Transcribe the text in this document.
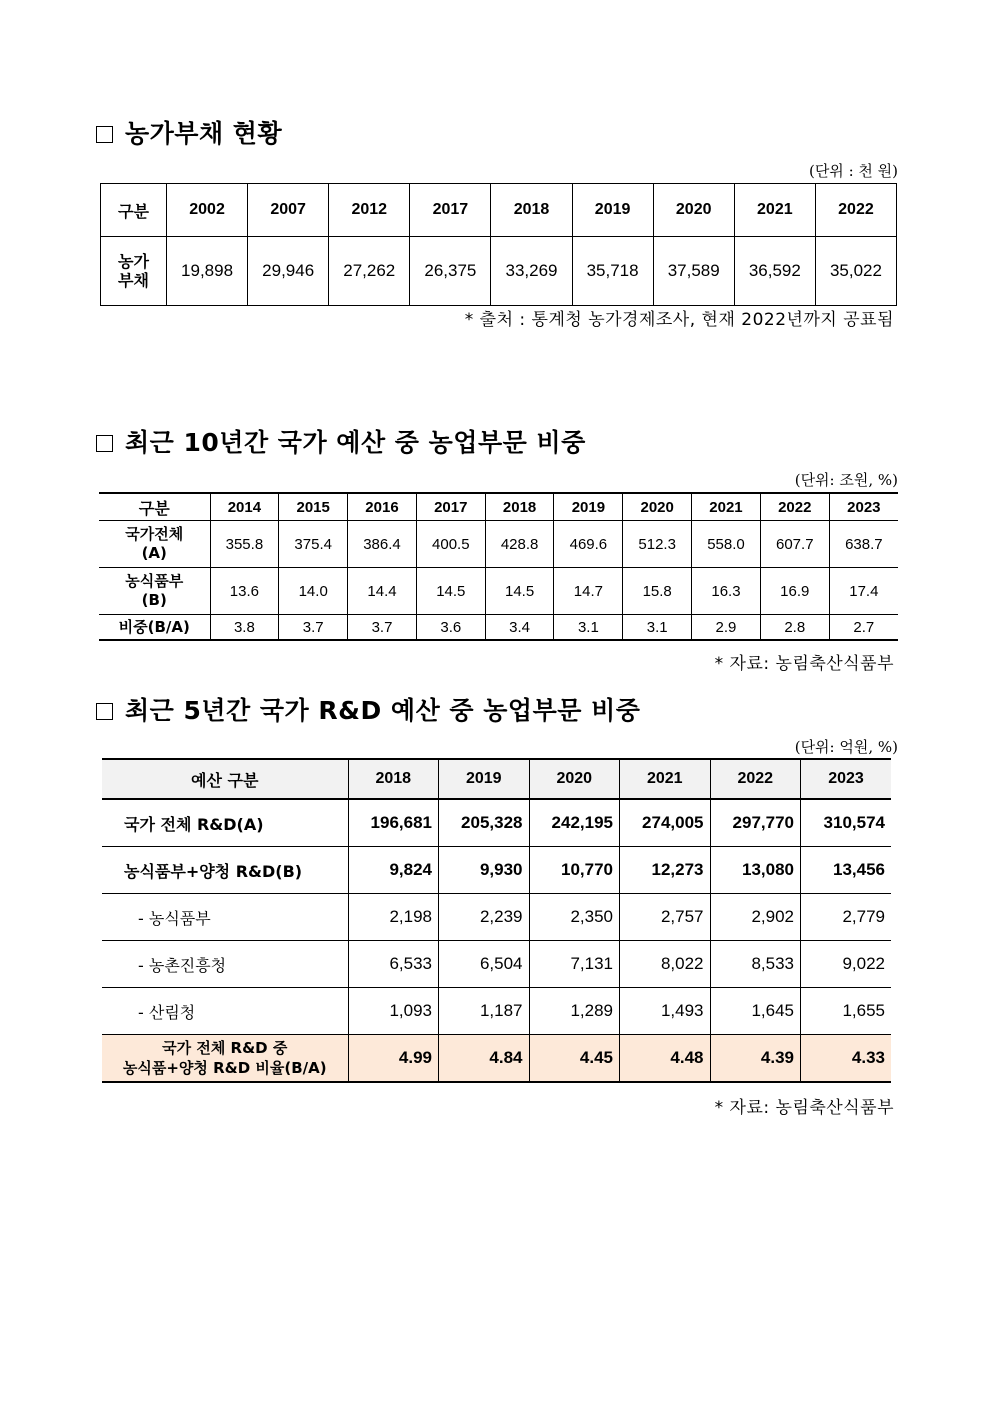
농가부채 현황
(단위 : 천 원)
구분	2002	2007	2012	2017	2018	2019	2020	2021	2022
농가
부채	19,898	29,946	27,262	26,375	33,269	35,718	37,589	36,592	35,022
* 출처 : 통계청 농가경제조사, 현재 2022년까지 공표됨
최근 10년간 국가 예산 중 농업부문 비중
(단위: 조원, %)
구분	2014	2015	2016	2017	2018	2019	2020	2021	2022	2023
국가전체
(A)	355.8	375.4	386.4	400.5	428.8	469.6	512.3	558.0	607.7	638.7
농식품부
(B)	13.6	14.0	14.4	14.5	14.5	14.7	15.8	16.3	16.9	17.4
비중(B/A)	3.8	3.7	3.7	3.6	3.4	3.1	3.1	2.9	2.8	2.7
* 자료: 농림축산식품부
최근 5년간 국가 R&D 예산 중 농업부문 비중
(단위: 억원, %)
예산 구분	2018	2019	2020	2021	2022	2023
국가 전체 R&D(A)	196,681	205,328	242,195	274,005	297,770	310,574
농식품부+양청 R&D(B)	9,824	9,930	10,770	12,273	13,080	13,456
- 농식품부	2,198	2,239	2,350	2,757	2,902	2,779
- 농촌진흥청	6,533	6,504	7,131	8,022	8,533	9,022
- 산림청	1,093	1,187	1,289	1,493	1,645	1,655
국가 전체 R&D 중
농식품+양청 R&D 비율(B/A)	4.99	4.84	4.45	4.48	4.39	4.33
* 자료: 농림축산식품부
